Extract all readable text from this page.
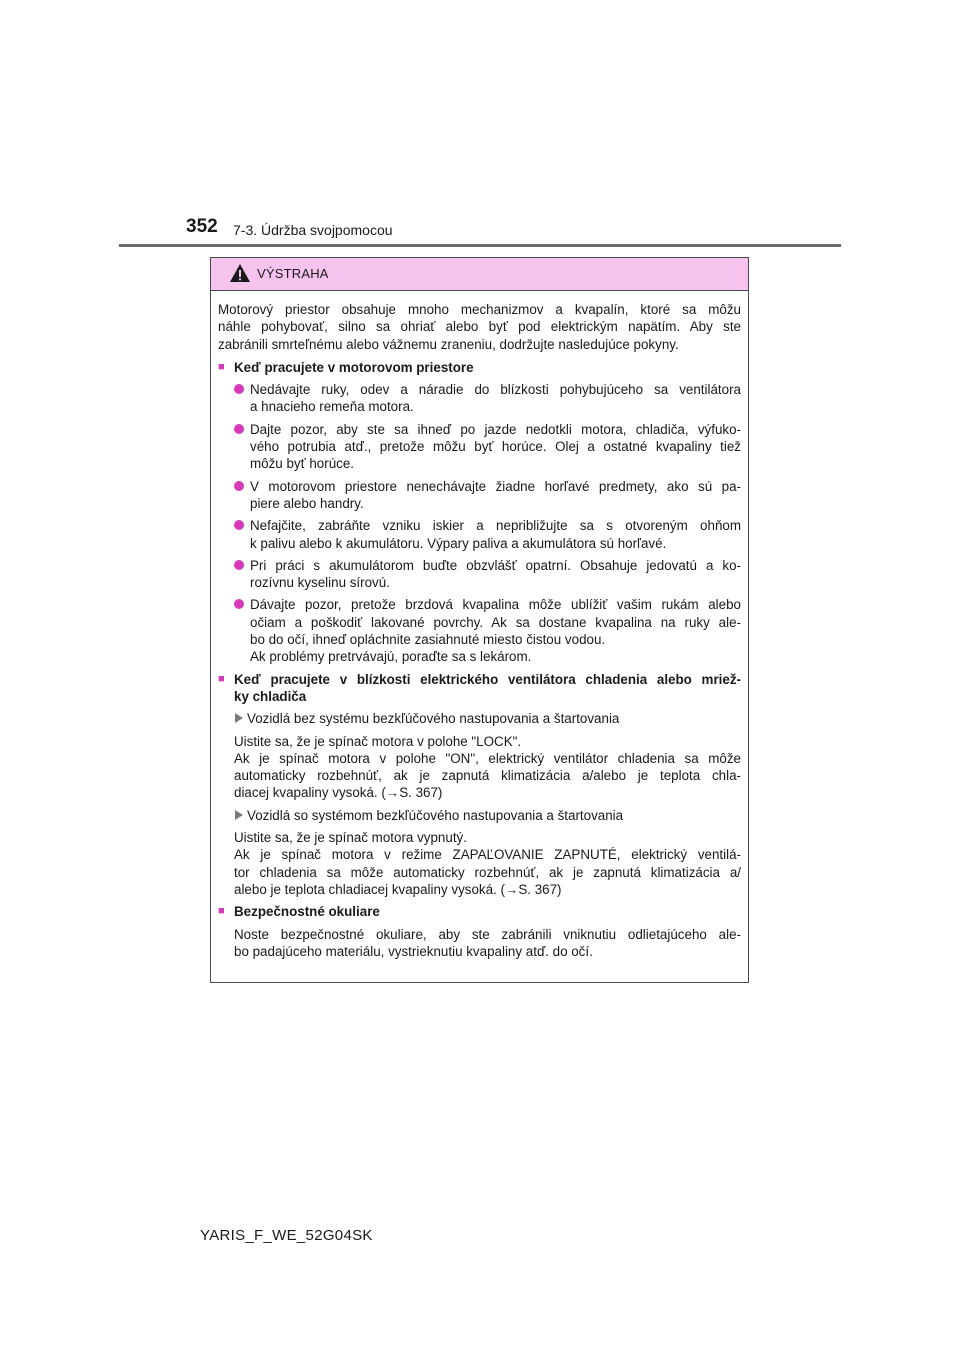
352 7-3. Údržba svojpomocou
VÝSTRAHA

Motorový priestor obsahuje mnoho mechanizmov a kvapalín, ktoré sa môžu
náhle pohybovať, silno sa ohriať alebo byť pod elektrickým napätím. Aby ste
zabránili smrteľnému alebo vážnemu zraneniu, dodržujte nasledujúce pokyny.

■ Keď pracujete v motorovom priestore
Nedávajte ruky, odev a náradie do blízkosti pohybujúceho sa ventilátora
a hnacieho remeňa motora.
Dajte pozor, aby ste sa ihneď po jazde nedotkli motora, chladiča, výfuko-
vého potrubia atď., pretože môžu byť horúce. Olej a ostatné kvapaliny tiež
môžu byť horúce.
V motorovom priestore nenechávajte žiadne horľavé predmety, ako sú pa-
piere alebo handry.
Nefajčite, zabráňte vzniku iskier a nepribližujte sa s otvoreným ohňom
k palivu alebo k akumulátoru. Výpary paliva a akumulátora sú horľavé.
Pri práci s akumulátorom buďte obzvlášť opatrní. Obsahuje jedovatú a ko-
rozívnu kyselinu sírovú.
Dávajte pozor, pretože brzdová kvapalina môže ublížiť vašim rukám alebo
očiam a poškodiť lakované povrchy. Ak sa dostane kvapalina na ruky ale-
bo do očí, ihneď opláchnite zasiahnuté miesto čistou vodou.
Ak problémy pretrvávajú, poraďte sa s lekárom.
■ Keď pracujete v blízkosti elektrického ventilátora chladenia alebo mriež-
ky chladiča
Vozidlá bez systému bezkľúčového nastupovania a štartovania

Uistite sa, že je spínač motora v polohe "LOCK".
Ak je spínač motora v polohe "ON", elektrický ventilátor chladenia sa môže
automaticky rozbehnúť, ak je zapnutá klimatizácia a/alebo je teplota chla-
diacej kvapaliny vysoká. (→S. 367)

Vozidlá so systémom bezkľúčového nastupovania a štartovania

Uistite sa, že je spínač motora vypnutý.
Ak je spínač motora v režime ZAPAĽOVANIE ZAPNUTÉ, elektrický ventilá-
tor chladenia sa môže automaticky rozbehnúť, ak je zapnutá klimatizácia a/
alebo je teplota chladiacej kvapaliny vysoká. (→S. 367)

■ Bezpečnostné okuliare

Noste bezpečnostné okuliare, aby ste zabránili vniknutiu odlietajúceho ale-
bo padajúceho materiálu, vystrieknutiu kvapaliny atď. do očí.

YARIS_F_WE_52G04SK
